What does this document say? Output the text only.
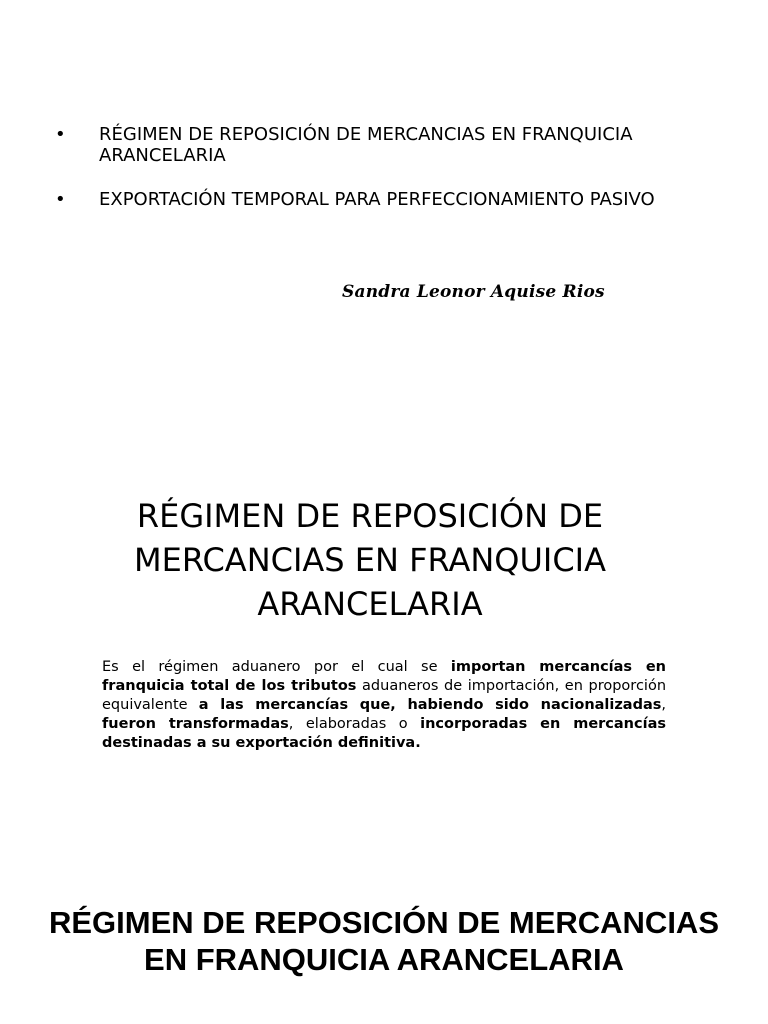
• RÉGIMEN DE REPOSICIÓN DE MERCANCIAS EN FRANQUICIA ARANCELARIA
• EXPORTACIÓN TEMPORAL PARA PERFECCIONAMIENTO PASIVO
Sandra Leonor Aquise Rios
RÉGIMEN DE REPOSICIÓN DE
MERCANCIAS EN FRANQUICIA
ARANCELARIA

Es el régimen aduanero por el cual se importan mercancías en franquicia total de los tributos aduaneros de importación, en proporción equivalente a las mercancías que, habiendo sido nacionalizadas, fueron transformadas, elaboradas o incorporadas en mercancías destinadas a su exportación definitiva.

RÉGIMEN DE REPOSICIÓN DE MERCANCIAS
EN FRANQUICIA ARANCELARIA
